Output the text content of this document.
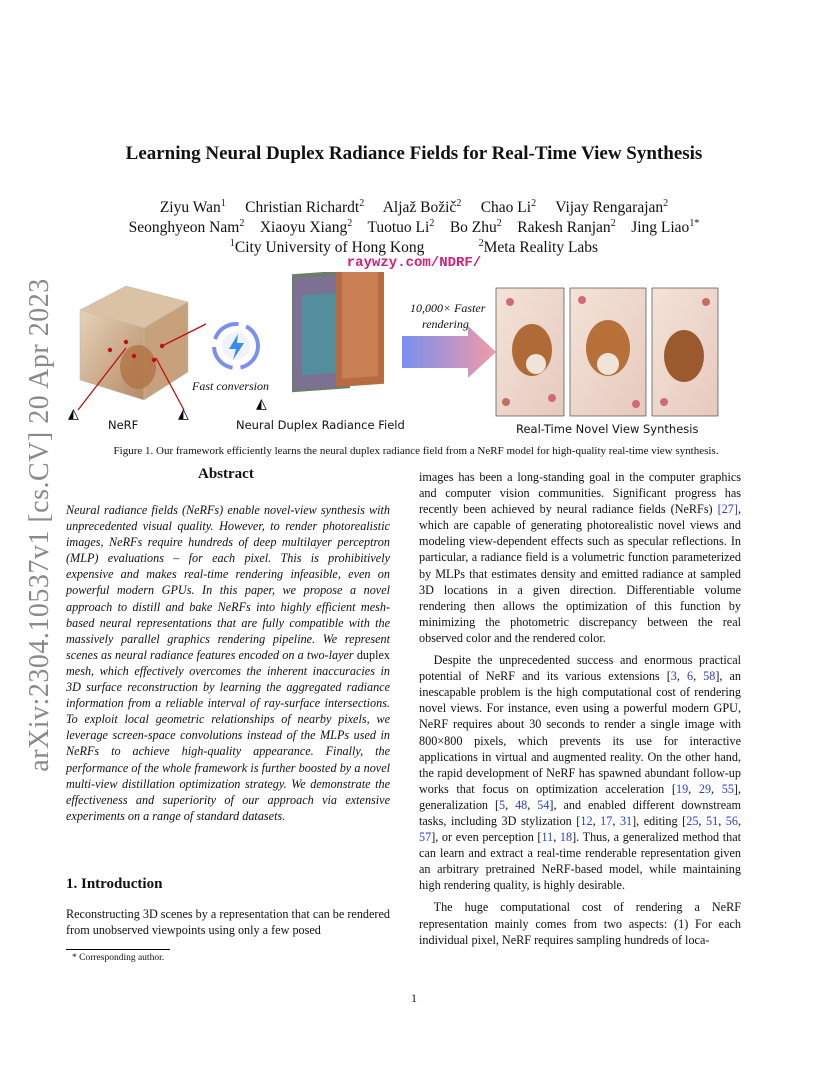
arXiv:2304.10537v1 [cs.CV] 20 Apr 2023
Learning Neural Duplex Radiance Fields for Real-Time View Synthesis
Ziyu Wan$^1$ Christian Richardt$^2$ Aljaž Božič$^2$ Chao Li$^2$ Vijay Rengarajan$^2$
Seonghyeon Nam$^2$ Xiaoyu Xiang$^2$ Tuotuo Li$^2$ Bo Zhu$^2$ Rakesh Ranjan$^2$ Jing Liao$^{1*}$
$^1$City University of Hong Kong	$^2$Meta Reality Labs
raywzy.com/NDRF/
◭	◭
NeRF
Fast conversion
◭
Neural Duplex Radiance Field
10,000× Faster
rendering
Real-Time Novel View Synthesis
Figure 1. Our framework efficiently learns the neural duplex radiance field from a NeRF model for high-quality real-time view synthesis.
Abstract

Neural radiance fields (NeRFs) enable novel-view synthesis with unprecedented visual quality. However, to render photorealistic images, NeRFs require hundreds of deep multilayer perceptron (MLP) evaluations – for each pixel. This is prohibitively expensive and makes real-time rendering infeasible, even on powerful modern GPUs. In this paper, we propose a novel approach to distill and bake NeRFs into highly efficient mesh-based neural representations that are fully compatible with the massively parallel graphics rendering pipeline. We represent scenes as neural radiance features encoded on a two-layer duplex mesh, which effectively overcomes the inherent inaccuracies in 3D surface reconstruction by learning the aggregated radiance information from a reliable interval of ray-surface intersections. To exploit local geometric relationships of nearby pixels, we leverage screen-space convolutions instead of the MLPs used in NeRFs to achieve high-quality appearance. Finally, the performance of the whole framework is further boosted by a novel multi-view distillation optimization strategy. We demonstrate the effectiveness and superiority of our approach via extensive experiments on a range of standard datasets.

1. Introduction

Reconstructing 3D scenes by a representation that can be rendered from unobserved viewpoints using only a few posed

* Corresponding author.

images has been a long-standing goal in the computer graphics and computer vision communities. Significant progress has recently been achieved by neural radiance fields (NeRFs) [27], which are capable of generating photorealistic novel views and modeling view-dependent effects such as specular reflections. In particular, a radiance field is a volumetric function parameterized by MLPs that estimates density and emitted radiance at sampled 3D locations in a given direction. Differentiable volume rendering then allows the optimization of this function by minimizing the photometric discrepancy between the real observed color and the rendered color.

Despite the unprecedented success and enormous practical potential of NeRF and its various extensions [3, 6, 58], an inescapable problem is the high computational cost of rendering novel views. For instance, even using a powerful modern GPU, NeRF requires about 30 seconds to render a single image with 800×800 pixels, which prevents its use for interactive applications in virtual and augmented reality. On the other hand, the rapid development of NeRF has spawned abundant follow-up works that focus on optimization acceleration [19, 29, 55], generalization [5, 48, 54], and enabled different downstream tasks, including 3D stylization [12, 17, 31], editing [25, 51, 56, 57], or even perception [11, 18]. Thus, a generalized method that can learn and extract a real-time renderable representation given an arbitrary pretrained NeRF-based model, while maintaining high rendering quality, is highly desirable.

The huge computational cost of rendering a NeRF representation mainly comes from two aspects: (1) For each individual pixel, NeRF requires sampling hundreds of loca-

1
